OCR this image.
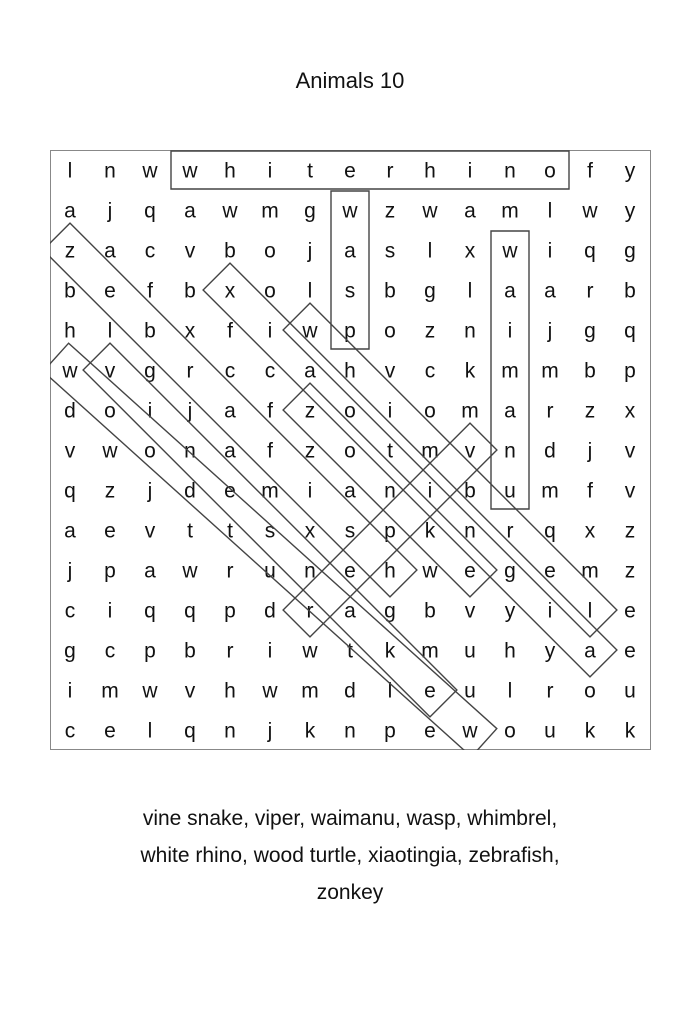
Animals 10
l n w w h i t e r h i n o f y
a j q a w m g w z w a m l w y
z a c v b o j a s l x w i q g
b e f b x o l s b g l a a r b
h l b x f i w p o z n i j g q
w v g r c c a h v c k m m b p
d o i j a f z o i o m a r z x
v w o n a f z o t m v n d j v
q z j d e m i a n i b u m f v
a e v t t s x s p k n r q x z
j p a w r u n e h w e g e m z
c i q q p d r a g b v y i l e
g c p b r i w t k m u h y a e
i m w v h w m d l e u l r o u
c e l q n j k n p e w o u k k
vine snake, viper, waimanu, wasp, whimbrel,
white rhino, wood turtle, xiaotingia, zebrafish,
zonkey
